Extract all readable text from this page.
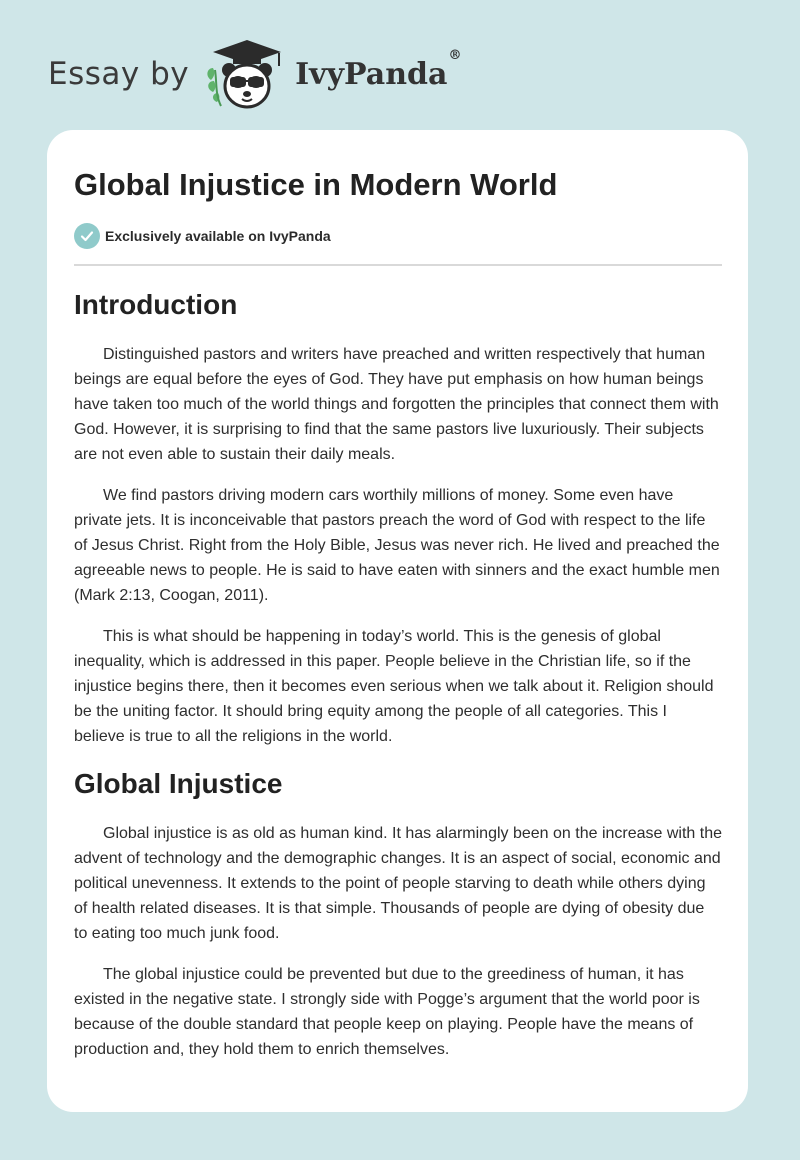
Essay by	IvyPanda®
Global Injustice in Modern World
Exclusively available on IvyPanda
Introduction

Distinguished pastors and writers have preached and written respectively that human beings are equal before the eyes of God. They have put emphasis on how human beings have taken too much of the world things and forgotten the principles that connect them with God. However, it is surprising to find that the same pastors live luxuriously. Their subjects are not even able to sustain their daily meals.

We find pastors driving modern cars worthily millions of money. Some even have private jets. It is inconceivable that pastors preach the word of God with respect to the life of Jesus Christ. Right from the Holy Bible, Jesus was never rich. He lived and preached the agreeable news to people. He is said to have eaten with sinners and the exact humble men (Mark 2:13, Coogan, 2011).

This is what should be happening in today’s world. This is the genesis of global inequality, which is addressed in this paper. People believe in the Christian life, so if the injustice begins there, then it becomes even serious when we talk about it. Religion should be the uniting factor. It should bring equity among the people of all categories. This I believe is true to all the religions in the world.

Global Injustice

Global injustice is as old as human kind. It has alarmingly been on the increase with the advent of technology and the demographic changes. It is an aspect of social, economic and political unevenness. It extends to the point of people starving to death while others dying of health related diseases. It is that simple. Thousands of people are dying of obesity due to eating too much junk food.

The global injustice could be prevented but due to the greediness of human, it has existed in the negative state. I strongly side with Pogge’s argument that the world poor is because of the double standard that people keep on playing. People have the means of production and, they hold them to enrich themselves.
